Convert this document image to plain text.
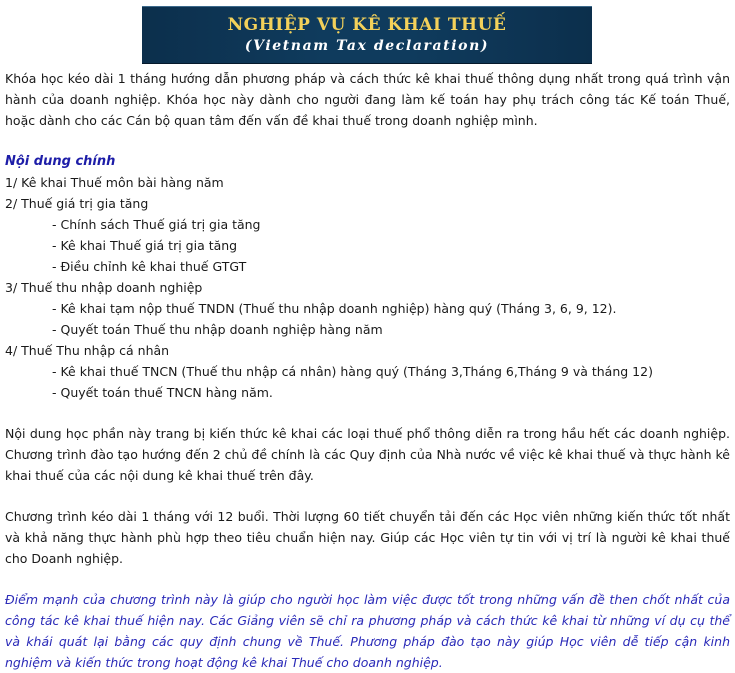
NGHIỆP VỤ KÊ KHAI THUẾ
(Vietnam Tax declaration)

Khóa học kéo dài 1 tháng hướng dẫn phương pháp và cách thức kê khai thuế thông dụng nhất trong quá trình vận hành của doanh nghiệp. Khóa học này dành cho người đang làm kế toán hay phụ trách công tác Kế toán Thuế, hoặc dành cho các Cán bộ quan tâm đến vấn đề khai thuế trong doanh nghiệp mình.

Nội dung chính
1/ Kê khai Thuế môn bài hàng năm
2/ Thuế giá trị gia tăng
- Chính sách Thuế giá trị gia tăng
- Kê khai Thuế giá trị gia tăng
- Điều chỉnh kê khai thuế GTGT
3/ Thuế thu nhập doanh nghiệp
- Kê khai tạm nộp thuế TNDN (Thuế thu nhập doanh nghiệp) hàng quý (Tháng 3, 6, 9, 12).
- Quyết toán Thuế thu nhập doanh nghiệp hàng năm
4/ Thuế Thu nhập cá nhân
- Kê khai thuế TNCN (Thuế thu nhập cá nhân) hàng quý (Tháng 3,Tháng 6,Tháng 9 và tháng 12)
- Quyết toán thuế TNCN hàng năm.

Nội dung học phần này trang bị kiến thức kê khai các loại thuế phổ thông diễn ra trong hầu hết các doanh nghiệp. Chương trình đào tạo hướng đến 2 chủ đề chính là các Quy định của Nhà nước về việc kê khai thuế và thực hành kê khai thuế của các nội dung kê khai thuế trên đây.

Chương trình kéo dài 1 tháng với 12 buổi. Thời lượng 60 tiết chuyển tải đến các Học viên những kiến thức tốt nhất và khả năng thực hành phù hợp theo tiêu chuẩn hiện nay. Giúp các Học viên tự tin với vị trí là người kê khai thuế cho Doanh nghiệp.

Điểm mạnh của chương trình này là giúp cho người học làm việc được tốt trong những vấn đề then chốt nhất của công tác kê khai thuế hiện nay. Các Giảng viên sẽ chỉ ra phương pháp và cách thức kê khai từ những ví dụ cụ thể và khái quát lại bằng các quy định chung về Thuế. Phương pháp đào tạo này giúp Học viên dễ tiếp cận kinh nghiệm và kiến thức trong hoạt động kê khai Thuế cho doanh nghiệp.
